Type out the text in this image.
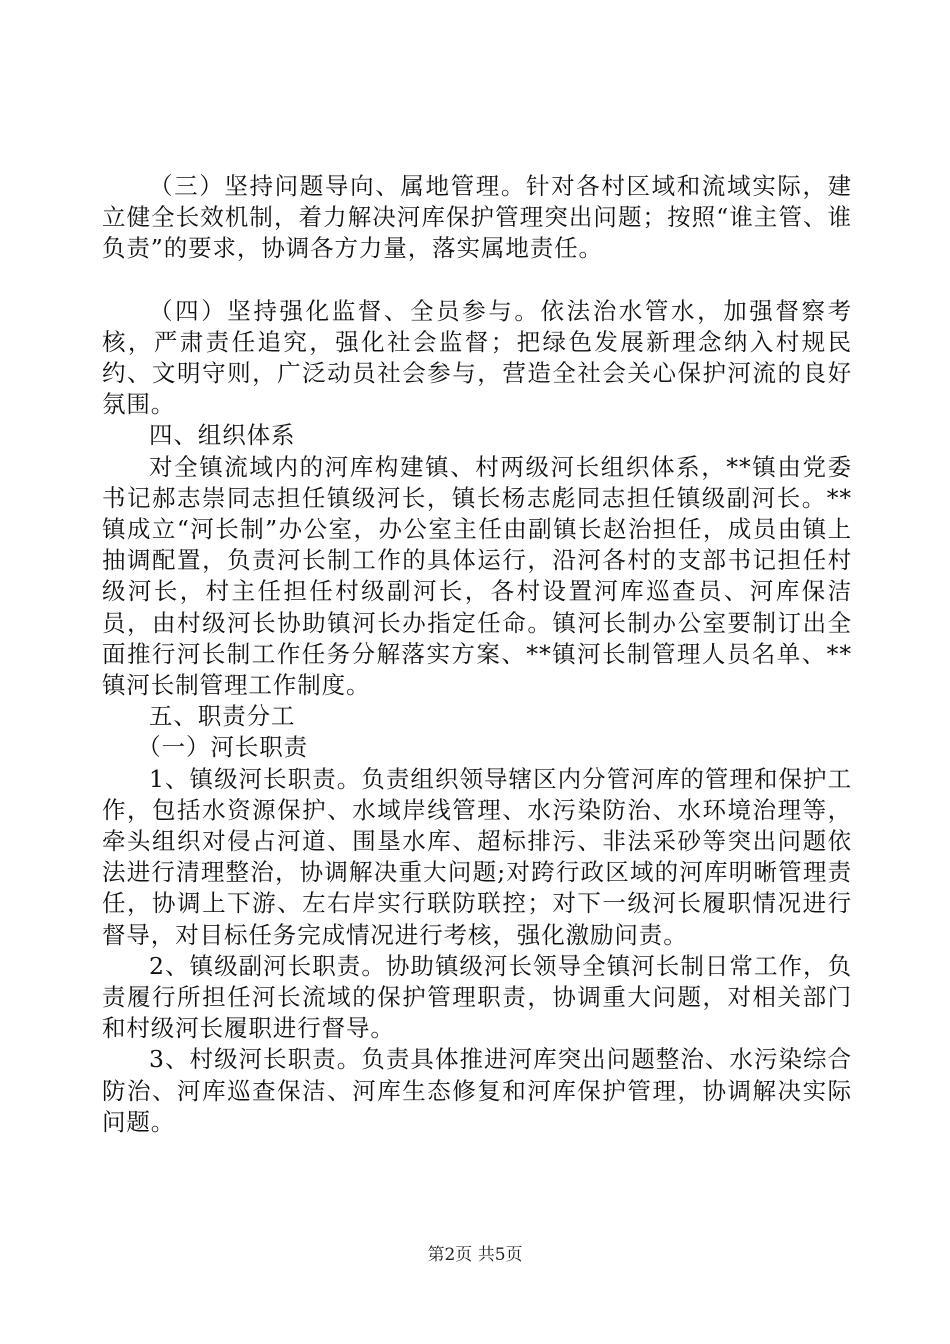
（三）坚持问题导向、属地管理。针对各村区域和流域实际，建立健全长效机制，着力解决河库保护管理突出问题；按照“谁主管、谁负责”的要求，协调各方力量，落实属地责任。

（四）坚持强化监督、全员参与。依法治水管水，加强督察考核，严肃责任追究，强化社会监督；把绿色发展新理念纳入村规民约、文明守则，广泛动员社会参与，营造全社会关心保护河流的良好氛围。

四、组织体系

对全镇流域内的河库构建镇、村两级河长组织体系，**镇由党委书记郝志崇同志担任镇级河长，镇长杨志彪同志担任镇级副河长。**镇成立“河长制”办公室，办公室主任由副镇长赵治担任，成员由镇上抽调配置，负责河长制工作的具体运行，沿河各村的支部书记担任村级河长，村主任担任村级副河长，各村设置河库巡查员、河库保洁员，由村级河长协助镇河长办指定任命。镇河长制办公室要制订出全面推行河长制工作任务分解落实方案、**镇河长制管理人员名单、**镇河长制管理工作制度。

五、职责分工

（一）河长职责

1、镇级河长职责。负责组织领导辖区内分管河库的管理和保护工作，包括水资源保护、水域岸线管理、水污染防治、水环境治理等，牵头组织对侵占河道、围垦水库、超标排污、非法采砂等突出问题依法进行清理整治，协调解决重大问题;对跨行政区域的河库明晰管理责任，协调上下游、左右岸实行联防联控；对下一级河长履职情况进行督导，对目标任务完成情况进行考核，强化激励问责。

2、镇级副河长职责。协助镇级河长领导全镇河长制日常工作，负责履行所担任河长流域的保护管理职责，协调重大问题，对相关部门和村级河长履职进行督导。

3、村级河长职责。负责具体推进河库突出问题整治、水污染综合防治、河库巡查保洁、河库生态修复和河库保护管理，协调解决实际问题。

第2页 共5页
